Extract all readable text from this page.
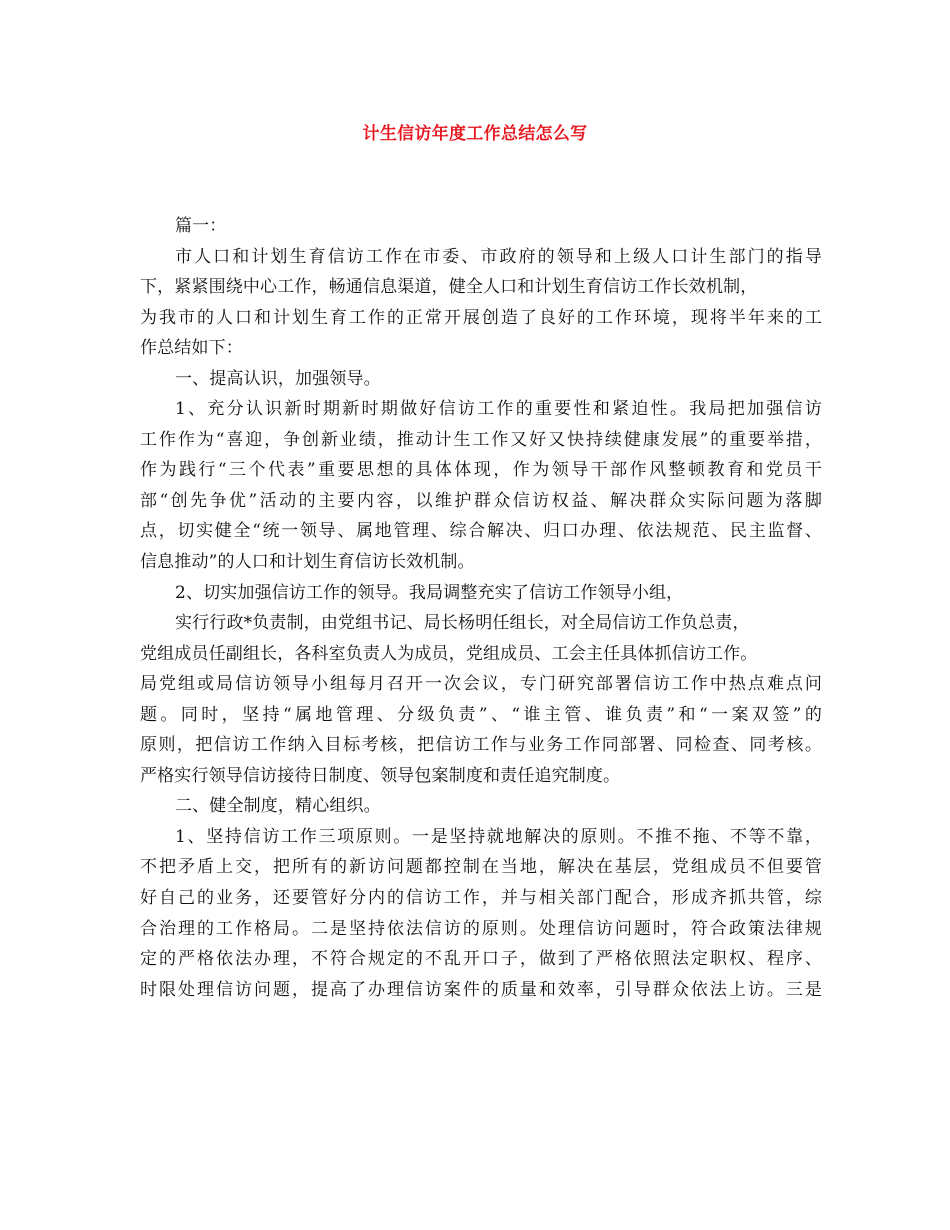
计生信访年度工作总结怎么写
篇一：
市人口和计划生育信访工作在市委、市政府的领导和上级人口计生部门的指导
下，紧紧围绕中心工作，畅通信息渠道，健全人口和计划生育信访工作长效机制，
为我市的人口和计划生育工作的正常开展创造了良好的工作环境，现将半年来的工
作总结如下：
一、提高认识，加强领导。
1、充分认识新时期新时期做好信访工作的重要性和紧迫性。我局把加强信访
工作作为“喜迎，争创新业绩，推动计生工作又好又快持续健康发展”的重要举措，
作为践行“三个代表”重要思想的具体体现，作为领导干部作风整顿教育和党员干
部“创先争优”活动的主要内容，以维护群众信访权益、解决群众实际问题为落脚
点，切实健全“统一领导、属地管理、综合解决、归口办理、依法规范、民主监督、
信息推动”的人口和计划生育信访长效机制。
2、切实加强信访工作的领导。我局调整充实了信访工作领导小组，
实行行政*负责制，由党组书记、局长杨明任组长，对全局信访工作负总责，
党组成员任副组长，各科室负责人为成员，党组成员、工会主任具体抓信访工作。
局党组或局信访领导小组每月召开一次会议，专门研究部署信访工作中热点难点问
题。同时，坚持“属地管理、分级负责”、“谁主管、谁负责”和“一案双签”的
原则，把信访工作纳入目标考核，把信访工作与业务工作同部署、同检查、同考核。
严格实行领导信访接待日制度、领导包案制度和责任追究制度。
二、健全制度，精心组织。
1、坚持信访工作三项原则。一是坚持就地解决的原则。不推不拖、不等不靠，
不把矛盾上交，把所有的新访问题都控制在当地，解决在基层，党组成员不但要管
好自己的业务，还要管好分内的信访工作，并与相关部门配合，形成齐抓共管，综
合治理的工作格局。二是坚持依法信访的原则。处理信访问题时，符合政策法律规
定的严格依法办理，不符合规定的不乱开口子，做到了严格依照法定职权、程序、
时限处理信访问题，提高了办理信访案件的质量和效率，引导群众依法上访。三是
